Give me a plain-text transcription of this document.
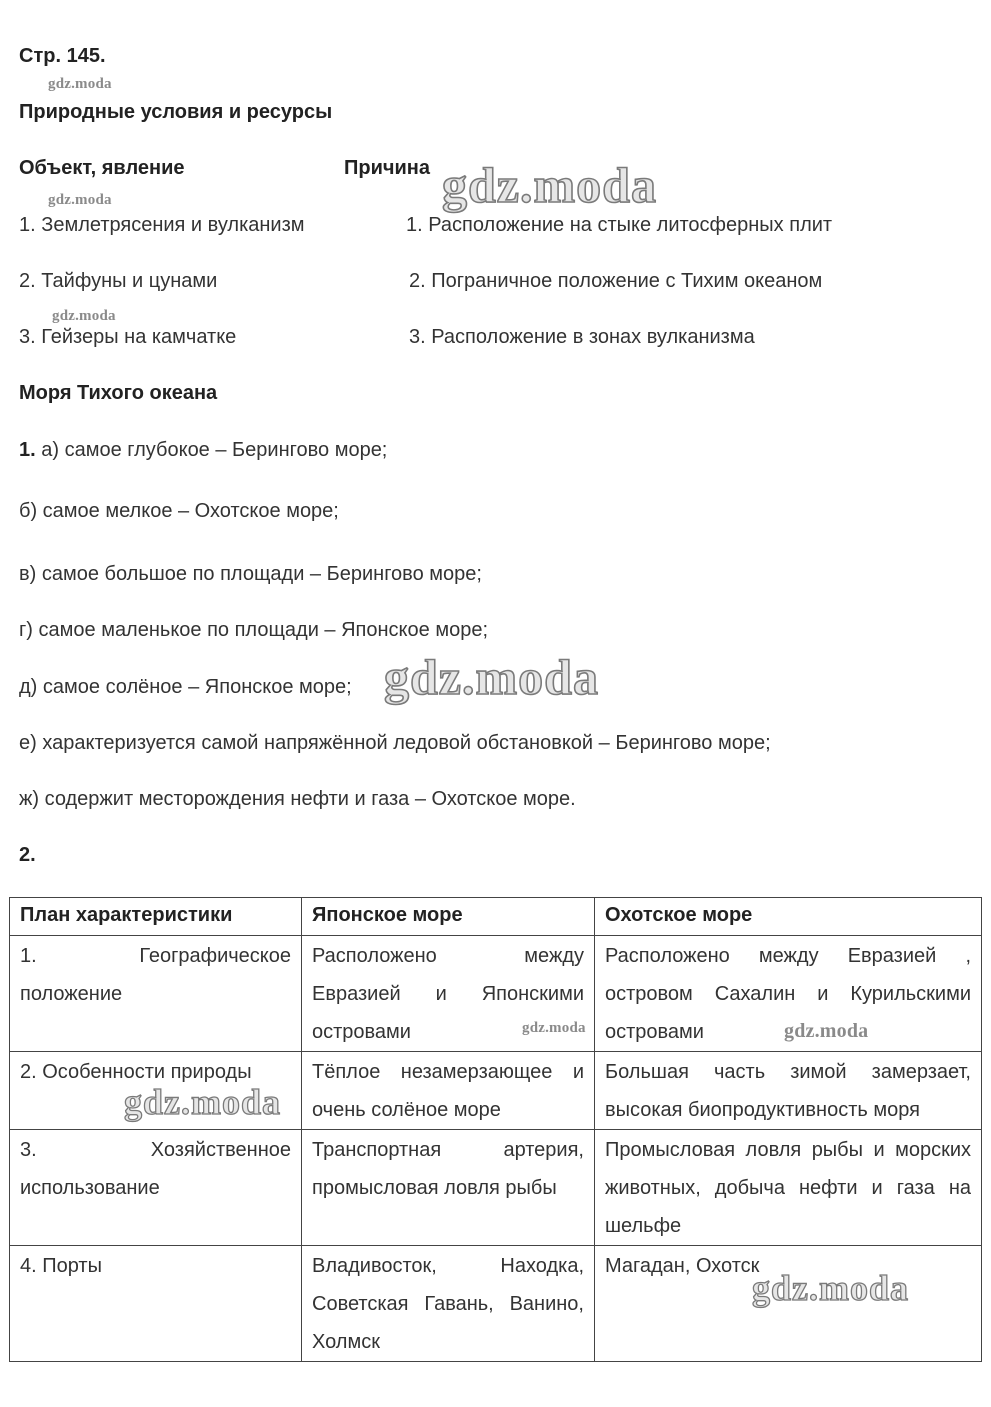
Стр. 145.
Природные условия и ресурсы
Объект, явление	Причина
1. Землетрясения и вулканизм	1. Расположение на стыке литосферных плит
2. Тайфуны и цунами	2. Пограничное положение с Тихим океаном
3. Гейзеры на камчатке	3. Расположение в зонах вулканизма
Моря Тихого океана
1. а) самое глубокое – Берингово море;
б) самое мелкое – Охотское море;
в) самое большое по площади – Берингово море;
г) самое маленькое по площади – Японское море;
д) самое солёное – Японское море;
е) характеризуется самой напряжённой ледовой обстановкой – Берингово море;
ж) содержит месторождения нефти и газа – Охотское море.
2.
План характеристики	Японское море	Охотское море
1. Географическое положение	Расположено между Евразией и Японскими островами	Расположено между Евразией , островом Сахалин и Курильскими островами
2. Особенности природы	Тёплое незамерзающее и очень солёное море	Большая часть зимой замерзает, высокая биопродуктивность моря
3. Хозяйственное использование	Транспортная артерия, промысловая ловля рыбы	Промысловая ловля рыбы и морских животных, добыча нефти и газа на шельфе
4. Порты	Владивосток, Находка, Советская Гавань, Ванино, Холмск	Магадан, Охотск
gdz.moda
gdz.moda
gdz.moda
gdz.moda
gdz.moda
gdz.moda	gdz.moda
gdz.moda
gdz.moda
